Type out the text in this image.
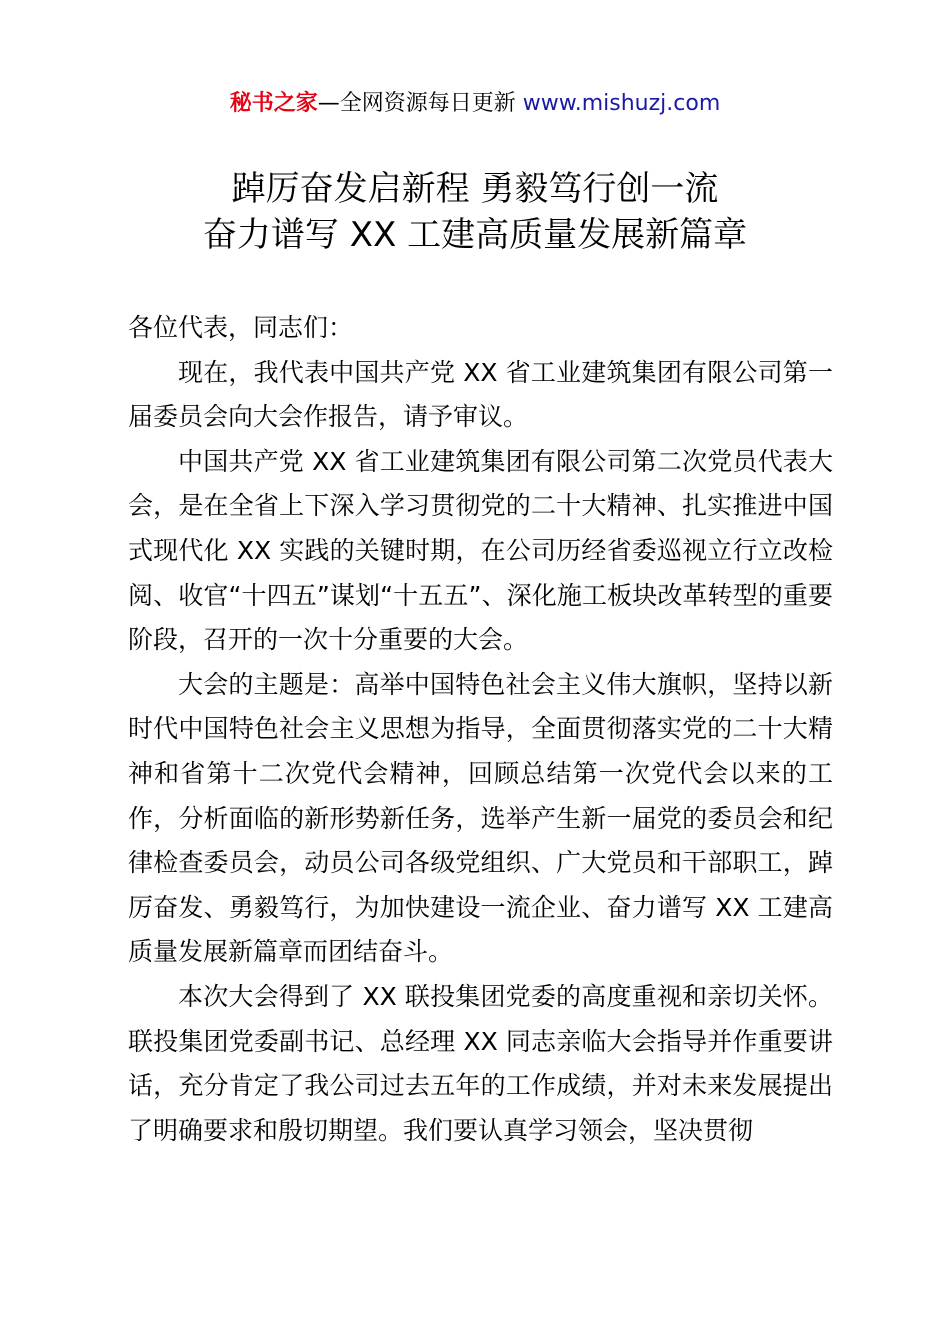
秘书之家—全网资源每日更新 www.mishuzj.com
踔厉奋发启新程 勇毅笃行创一流
奋力谱写 XX 工建高质量发展新篇章

各位代表，同志们：

现在，我代表中国共产党 XX 省工业建筑集团有限公司第一届委员会向大会作报告，请予审议。

中国共产党 XX 省工业建筑集团有限公司第二次党员代表大会，是在全省上下深入学习贯彻党的二十大精神、扎实推进中国式现代化 XX 实践的关键时期，在公司历经省委巡视立行立改检阅、收官“十四五”谋划“十五五”、深化施工板块改革转型的重要阶段，召开的一次十分重要的大会。

大会的主题是：高举中国特色社会主义伟大旗帜，坚持以新时代中国特色社会主义思想为指导，全面贯彻落实党的二十大精神和省第十二次党代会精神，回顾总结第一次党代会以来的工作，分析面临的新形势新任务，选举产生新一届党的委员会和纪律检查委员会，动员公司各级党组织、广大党员和干部职工，踔厉奋发、勇毅笃行，为加快建设一流企业、奋力谱写 XX 工建高质量发展新篇章而团结奋斗。

本次大会得到了 XX 联投集团党委的高度重视和亲切关怀。联投集团党委副书记、总经理 XX 同志亲临大会指导并作重要讲话，充分肯定了我公司过去五年的工作成绩，并对未来发展提出了明确要求和殷切期望。我们要认真学习领会，坚决贯彻
